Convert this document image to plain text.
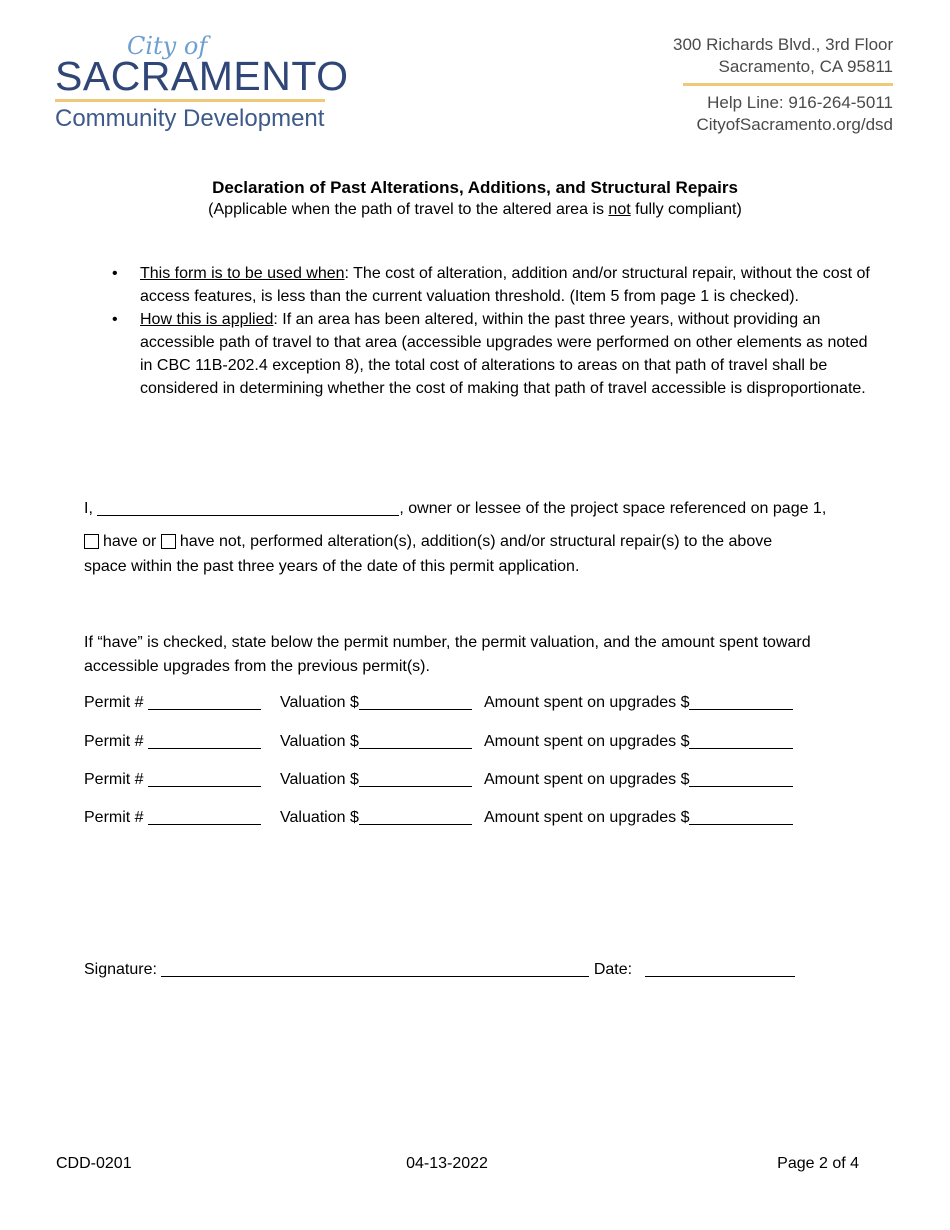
City of
SACRAMENTO
Community Development
300 Richards Blvd., 3rd Floor
Sacramento, CA 95811
Help Line: 916-264-5011
CityofSacramento.org/dsd
Declaration of Past Alterations, Additions, and Structural Repairs
(Applicable when the path of travel to the altered area is not fully compliant)
• This form is to be used when: The cost of alteration, addition and/or structural repair, without the cost of access features, is less than the current valuation threshold. (Item 5 from page 1 is checked).
• How this is applied: If an area has been altered, within the past three years, without providing an accessible path of travel to that area (accessible upgrades were performed on other elements as noted in CBC 11B-202.4 exception 8), the total cost of alterations to areas on that path of travel shall be considered in determining whether the cost of making that path of travel accessible is disproportionate.
I,	, owner or lessee of the project space referenced on page 1,
have or have not, performed alteration(s), addition(s) and/or structural repair(s) to the above
space within the past three years of the date of this permit application.
If “have” is checked, state below the permit number, the permit valuation, and the amount spent toward accessible upgrades from the previous permit(s).
Permit #	Valuation $	Amount spent on upgrades $
Permit #	Valuation $	Amount spent on upgrades $
Permit #	Valuation $	Amount spent on upgrades $
Permit #	Valuation $	Amount spent on upgrades $
Signature:	Date:
CDD-0201	04-13-2022	Page 2 of 4
